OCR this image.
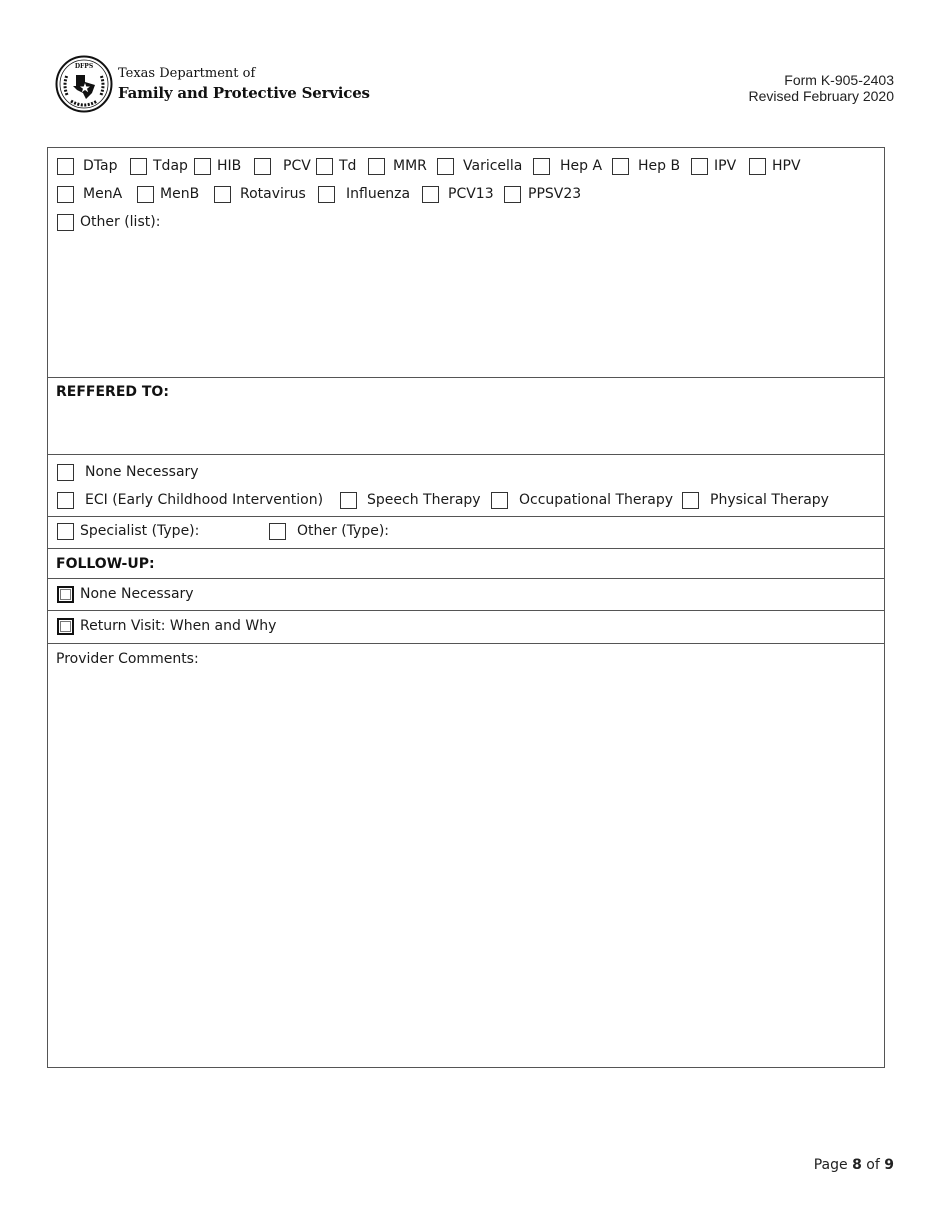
DFPS Texas Department of
Family and Protective Services
Form K-905-2403
Revised February 2020
DTap	Tdap HIB	PCV Td	MMR	Varicella	Hep A	Hep B IPV	HPV
MenA	MenB	Rotavirus	Influenza	PCV13 PPSV23
Other (list):
REFFERED TO:
None Necessary
ECI (Early Childhood Intervention)	Speech Therapy	Occupational Therapy	Physical Therapy
Specialist (Type):	Other (Type):
FOLLOW-UP:
None Necessary
Return Visit: When and Why
Provider Comments:
Page 8 of 9
